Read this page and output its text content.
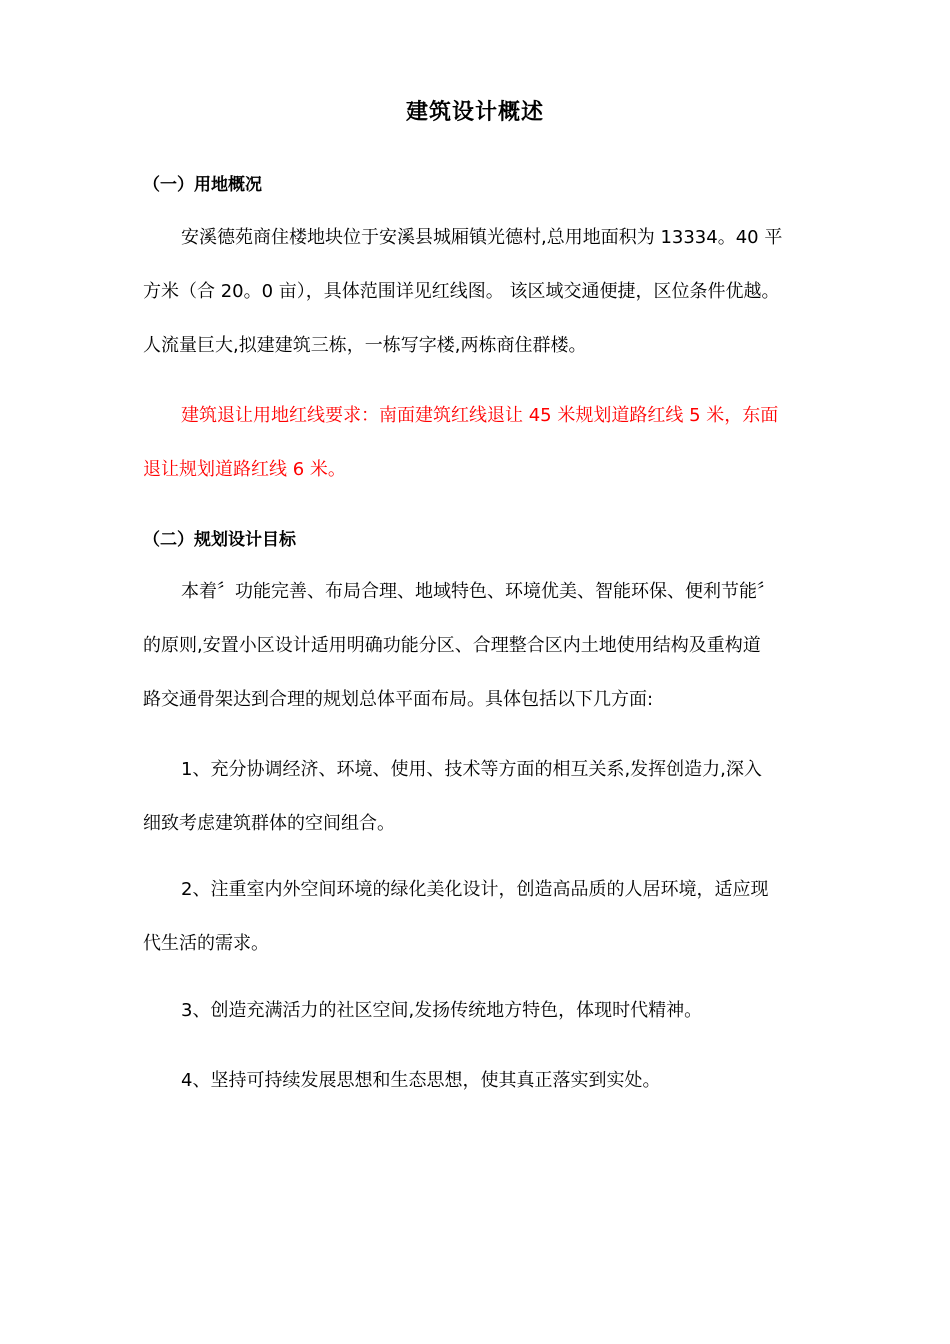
建筑设计概述
（一）用地概况
安溪德苑商住楼地块位于安溪县城厢镇光德村,总用地面积为 13334。40 平
方米（合 20。0 亩），具体范围详见红线图。 该区域交通便捷，区位条件优越。
人流量巨大,拟建建筑三栋，一栋写字楼,两栋商住群楼。
建筑退让用地红线要求：南面建筑红线退让 45 米规划道路红线 5 米，东面
退让规划道路红线 6 米。
（二）规划设计目标
本着〞功能完善、布局合理、地域特色、环境优美、智能环保、便利节能〞
的原则,安置小区设计适用明确功能分区、合理整合区内土地使用结构及重构道
路交通骨架达到合理的规划总体平面布局。具体包括以下几方面:
1、充分协调经济、环境、使用、技术等方面的相互关系,发挥创造力,深入
细致考虑建筑群体的空间组合。
2、注重室内外空间环境的绿化美化设计，创造高品质的人居环境，适应现
代生活的需求。
3、创造充满活力的社区空间,发扬传统地方特色，体现时代精神。
4、坚持可持续发展思想和生态思想，使其真正落实到实处。
